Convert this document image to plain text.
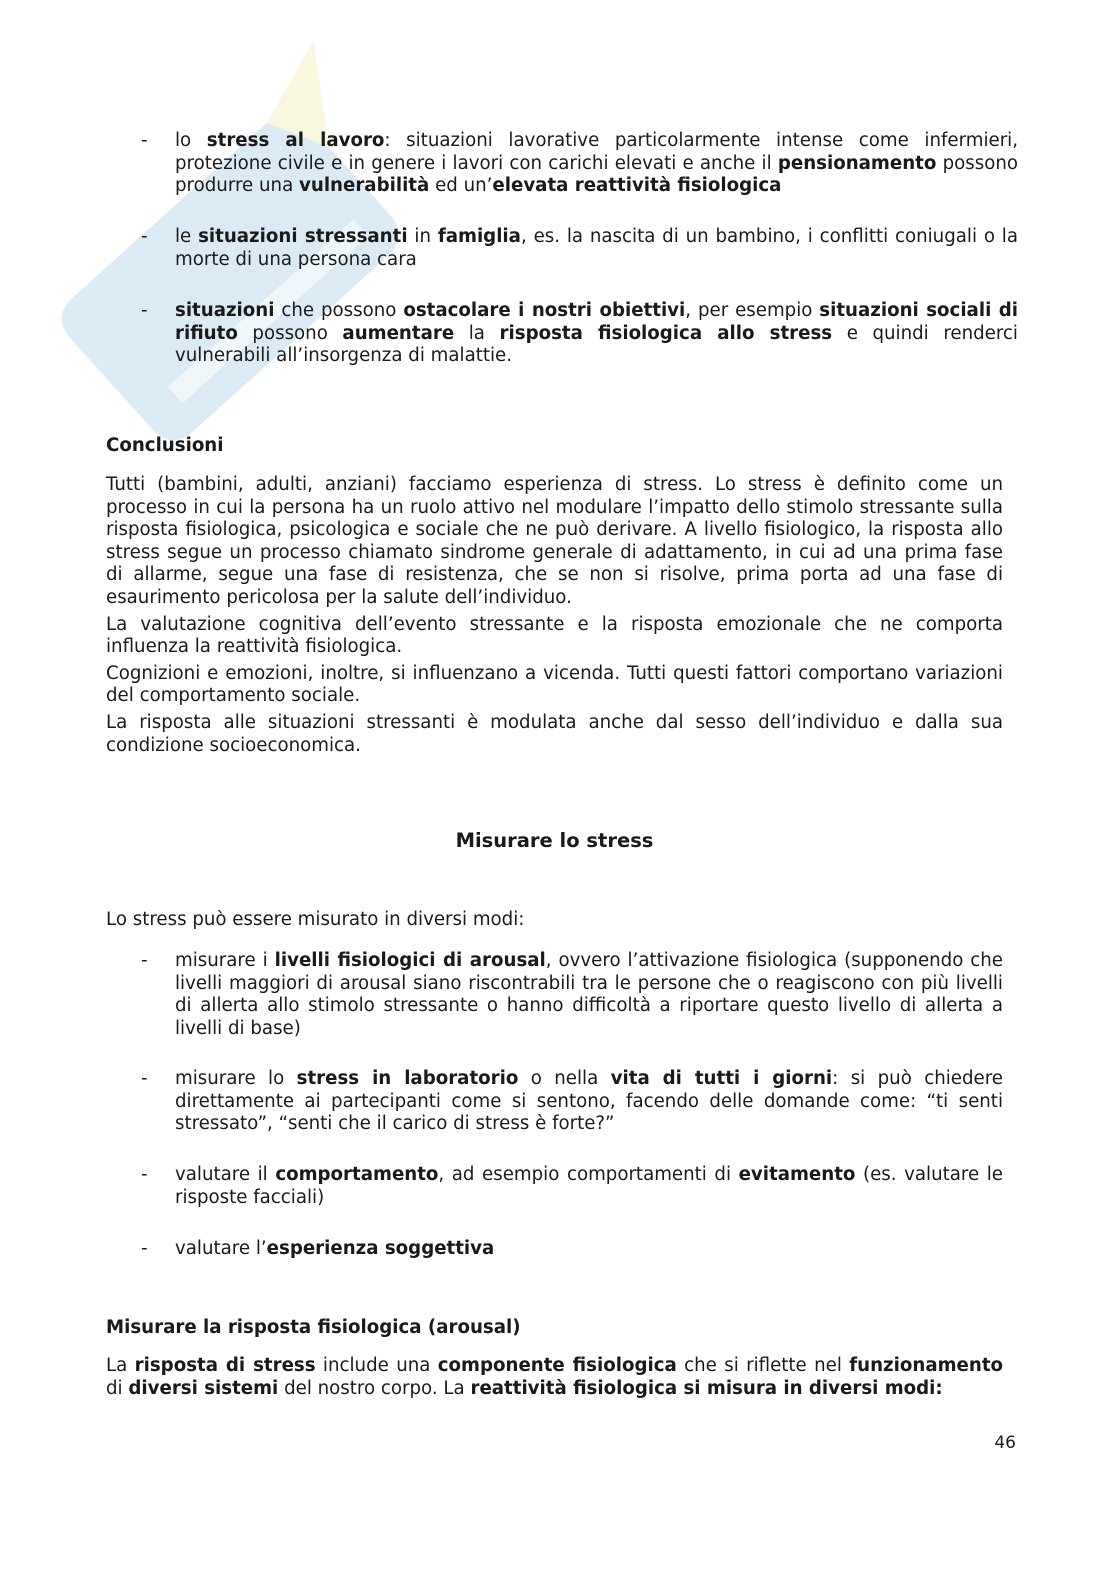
- lo stress al lavoro: situazioni lavorative particolarmente intense come infermieri, protezione civile e in genere i lavori con carichi elevati e anche il pensionamento possono produrre una vulnerabilità ed un’elevata reattività fisiologica
- le situazioni stressanti in famiglia, es. la nascita di un bambino, i conflitti coniugali o la morte di una persona cara
- situazioni che possono ostacolare i nostri obiettivi, per esempio situazioni sociali di rifiuto possono aumentare la risposta fisiologica allo stress e quindi renderci vulnerabili all’insorgenza di malattie.
Conclusioni
Tutti (bambini, adulti, anziani) facciamo esperienza di stress. Lo stress è definito come un processo in cui la persona ha un ruolo attivo nel modulare l’impatto dello stimolo stressante sulla risposta fisiologica, psicologica e sociale che ne può derivare. A livello fisiologico, la risposta allo stress segue un processo chiamato sindrome generale di adattamento, in cui ad una prima fase di allarme, segue una fase di resistenza, che se non si risolve, prima porta ad una fase di esaurimento pericolosa per la salute dell’individuo.
La valutazione cognitiva dell’evento stressante e la risposta emozionale che ne comporta influenza la reattività fisiologica.
Cognizioni e emozioni, inoltre, si influenzano a vicenda. Tutti questi fattori comportano variazioni del comportamento sociale.
La risposta alle situazioni stressanti è modulata anche dal sesso dell’individuo e dalla sua condizione socioeconomica.
Misurare lo stress
Lo stress può essere misurato in diversi modi:
- misurare i livelli fisiologici di arousal, ovvero l’attivazione fisiologica (supponendo che livelli maggiori di arousal siano riscontrabili tra le persone che o reagiscono con più livelli di allerta allo stimolo stressante o hanno difficoltà a riportare questo livello di allerta a livelli di base)
- misurare lo stress in laboratorio o nella vita di tutti i giorni: si può chiedere direttamente ai partecipanti come si sentono, facendo delle domande come: “ti senti stressato”, “senti che il carico di stress è forte?”
- valutare il comportamento, ad esempio comportamenti di evitamento (es. valutare le risposte facciali)
- valutare l’esperienza soggettiva
Misurare la risposta fisiologica (arousal)
La risposta di stress include una componente fisiologica che si riflette nel funzionamento di diversi sistemi del nostro corpo. La reattività fisiologica si misura in diversi modi:
46
